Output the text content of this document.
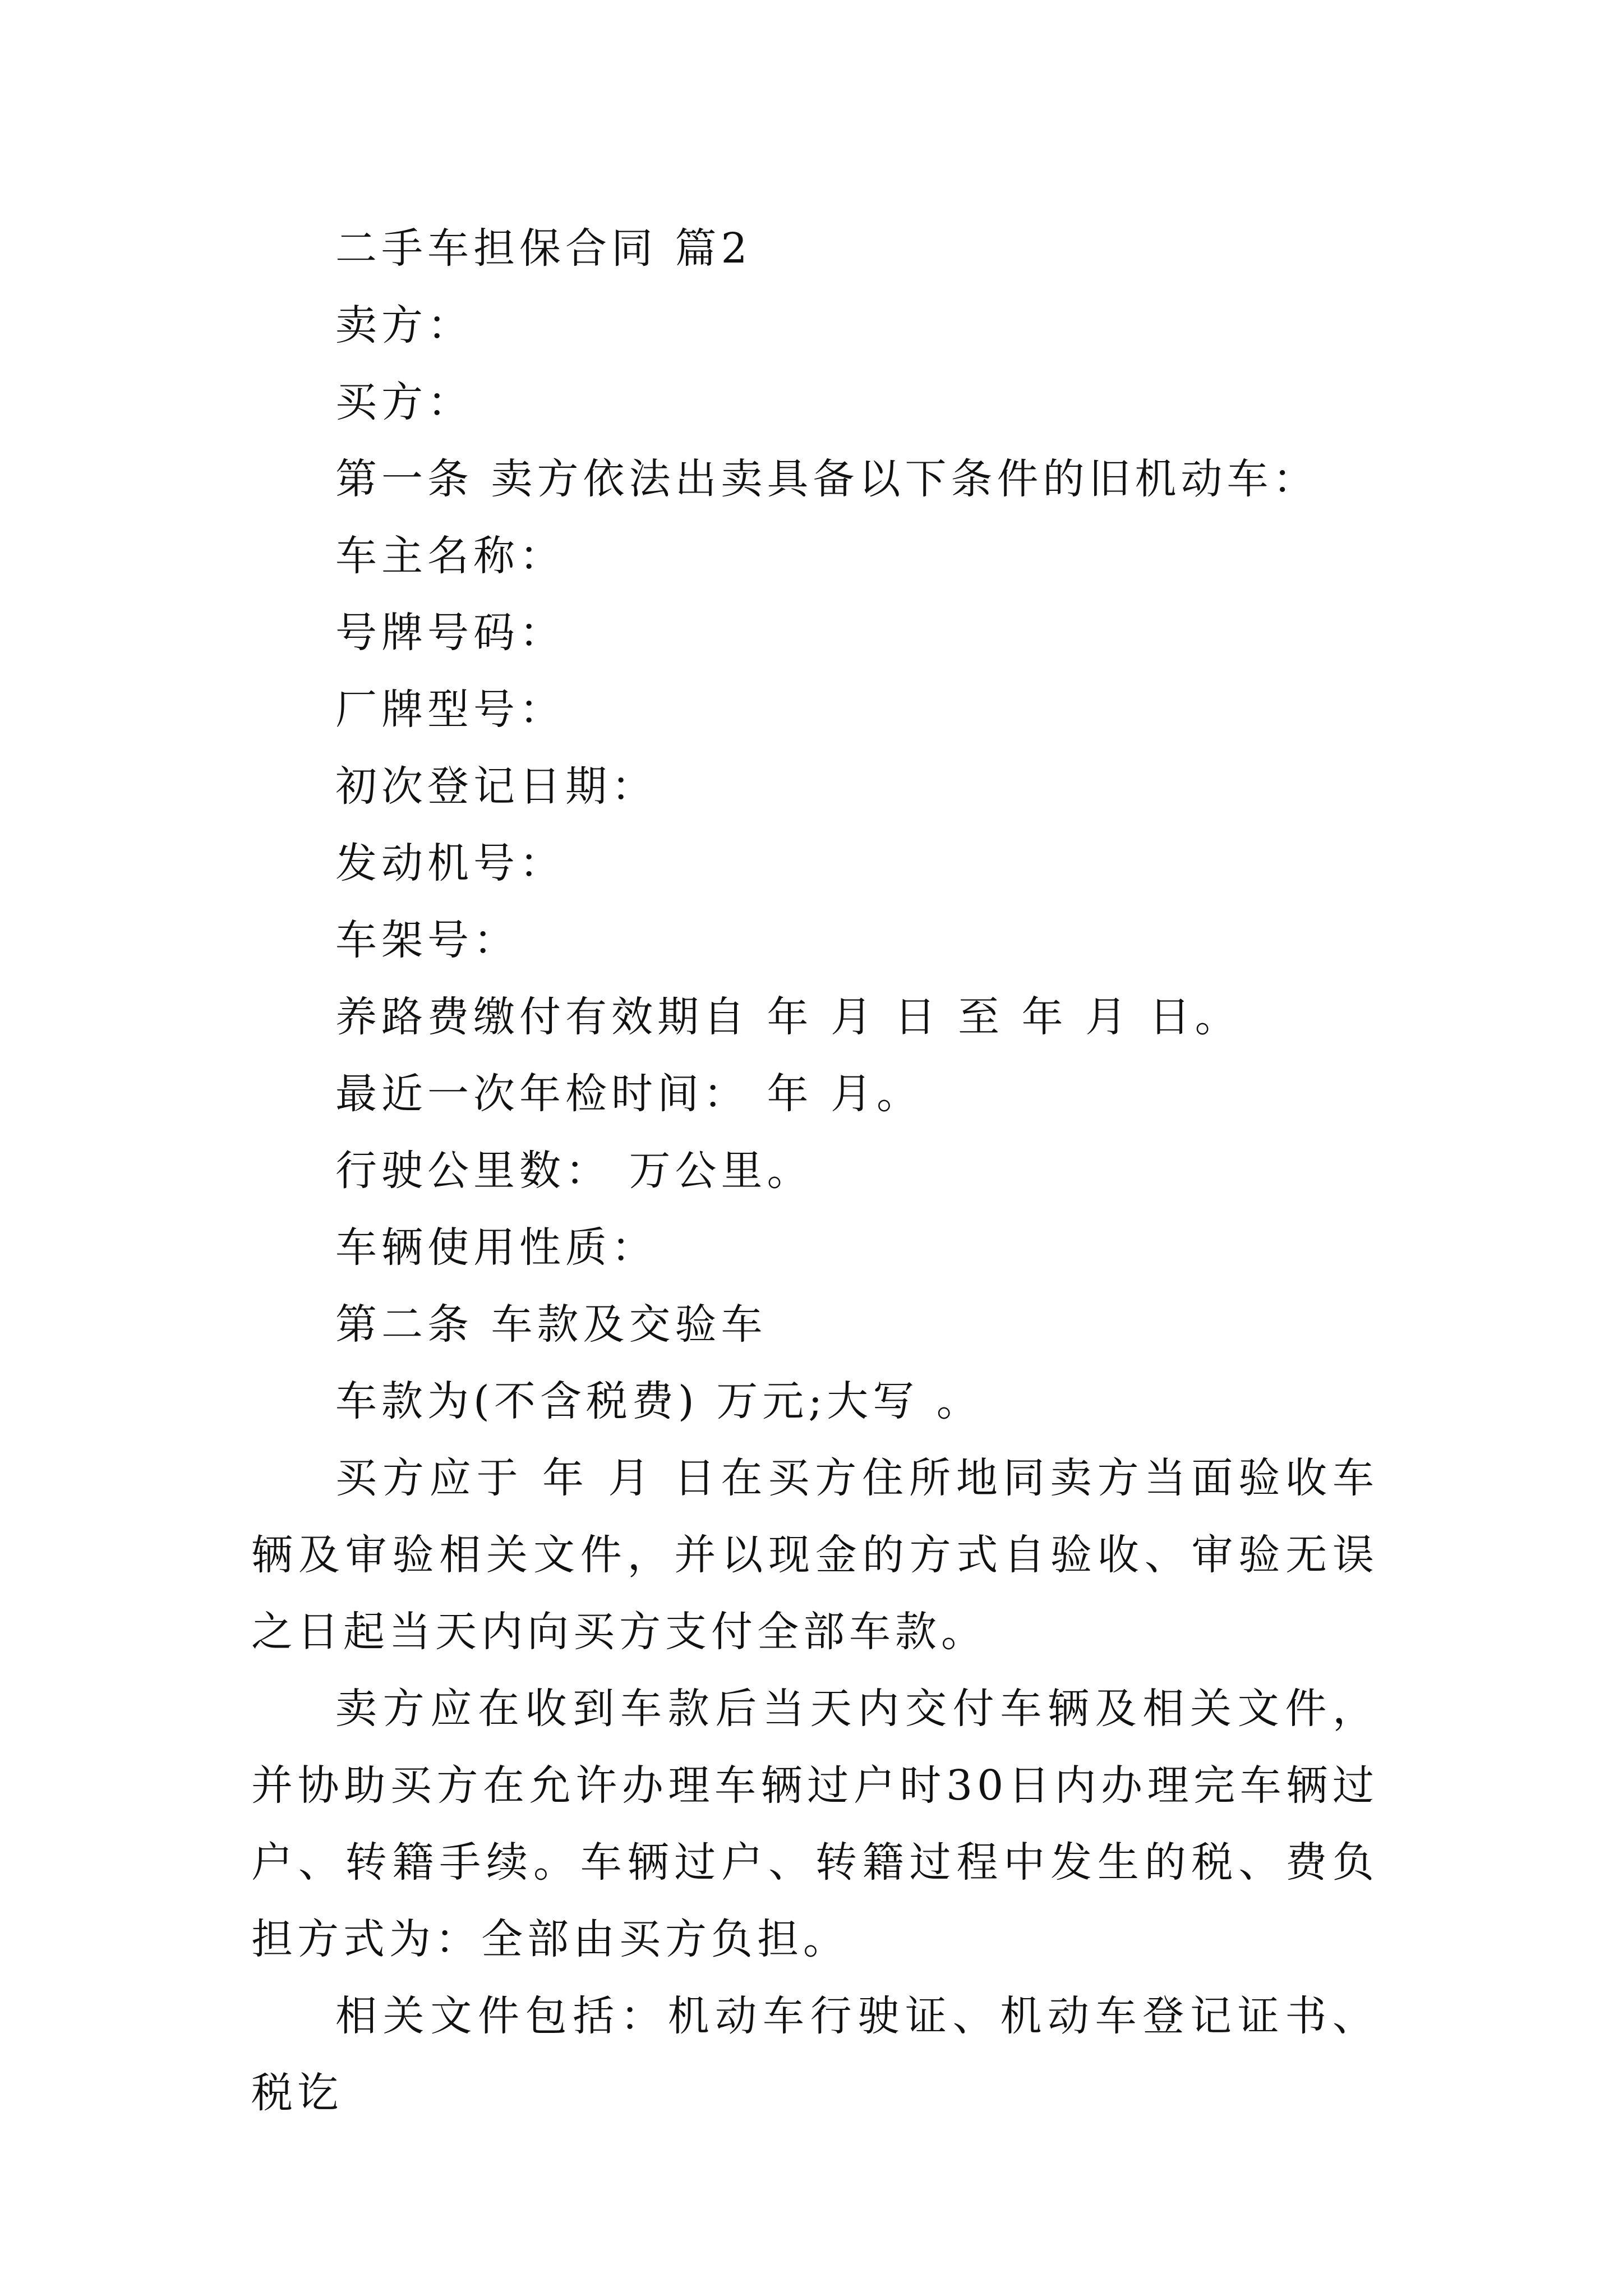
二手车担保合同 篇2

卖方：

买方：

第一条 卖方依法出卖具备以下条件的旧机动车：

车主名称：

号牌号码：

厂牌型号：

初次登记日期：

发动机号：

车架号：

养路费缴付有效期自 年 月 日 至 年 月 日。

最近一次年检时间： 年 月。

行驶公里数： 万公里。

车辆使用性质：

第二条 车款及交验车

车款为(不含税费) 万元;大写 。

买方应于 年 月 日在买方住所地同卖方当面验收车辆及审验相关文件，并以现金的方式自验收、审验无误之日起当天内向买方支付全部车款。

卖方应在收到车款后当天内交付车辆及相关文件，并协助买方在允许办理车辆过户时30日内办理完车辆过户、转籍手续。车辆过户、转籍过程中发生的税、费负担方式为：全部由买方负担。

相关文件包括：机动车行驶证、机动车登记证书、税讫
